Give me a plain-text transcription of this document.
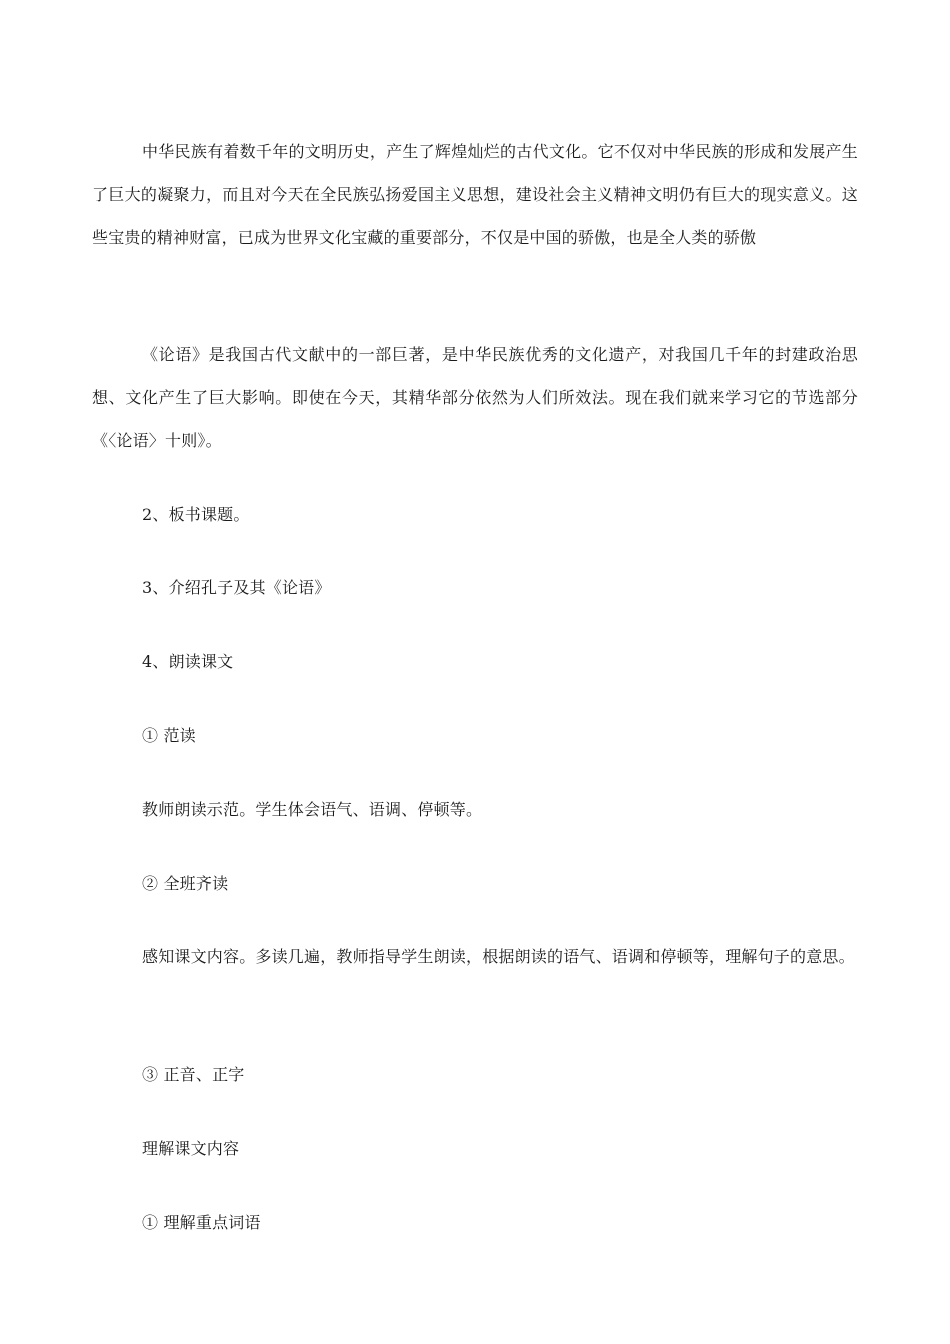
中华民族有着数千年的文明历史，产生了辉煌灿烂的古代文化。它不仅对中华民族的形成和发展产生了巨大的凝聚力，而且对今天在全民族弘扬爱国主义思想，建设社会主义精神文明仍有巨大的现实意义。这些宝贵的精神财富，已成为世界文化宝藏的重要部分，不仅是中国的骄傲，也是全人类的骄傲

《论语》是我国古代文献中的一部巨著，是中华民族优秀的文化遗产，对我国几千年的封建政治思想、文化产生了巨大影响。即使在今天，其精华部分依然为人们所效法。现在我们就来学习它的节选部分《〈论语〉十则》。

2、板书课题。

3、介绍孔子及其《论语》

4、朗读课文

① 范读

教师朗读示范。学生体会语气、语调、停顿等。

② 全班齐读

感知课文内容。多读几遍，教师指导学生朗读，根据朗读的语气、语调和停顿等，理解句子的意思。

③ 正音、正字

理解课文内容

① 理解重点词语
